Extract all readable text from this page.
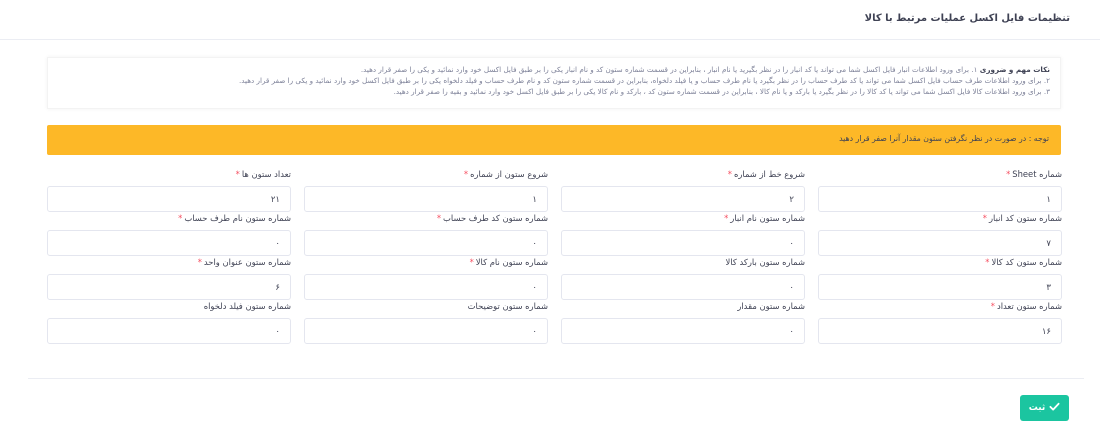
تنظیمات فایل اکسل عملیات مرتبط با کالا
نکات مهم و ضروری ۱. برای ورود اطلاعات انبار فایل اکسل شما می تواند یا کد انبار را در نظر بگیرید یا نام انبار ، بنابراین در قسمت شماره ستون کد و نام انبار یکی را بر طبق فایل اکسل خود وارد نمائید و یکی را صفر قرار دهید.
۲. برای ورود اطلاعات طرف حساب فایل اکسل شما می تواند یا کد طرف حساب را در نظر بگیرد یا نام طرف حساب و یا فیلد دلخواه، بنابراین در قسمت شماره ستون کد و نام طرف حساب و فیلد دلخواه یکی را بر طبق فایل اکسل خود وارد نمائید و یکی را صفر قرار دهید.
۳. برای ورود اطلاعات کالا فایل اکسل شما می تواند یا کد کالا را در نظر بگیرد یا بارکد و یا نام کالا ، بنابراین در قسمت شماره ستون کد ، بارکد و نام کالا یکی را بر طبق فایل اکسل خود وارد نمائید و بقیه را صفر قرار دهید.
توجه : در صورت در نظر نگرفتن ستون مقدار آنرا صفر قرار دهید
شماره Sheet*
۱
شروع خط از شماره*
۲
شروع ستون از شماره*
۱
تعداد ستون ها*
۲۱
شماره ستون کد انبار*
۷
شماره ستون نام انبار*
۰
شماره ستون کد طرف حساب*
۰
شماره ستون نام طرف حساب*
۰
شماره ستون کد کالا*
۳
شماره ستون بارکد کالا
۰
شماره ستون نام کالا*
۰
شماره ستون عنوان واحد*
۶
شماره ستون تعداد*
۱۶
شماره ستون مقدار
۰
شماره ستون توضیحات
۰
شماره ستون فیلد دلخواه
۰
ثبت
